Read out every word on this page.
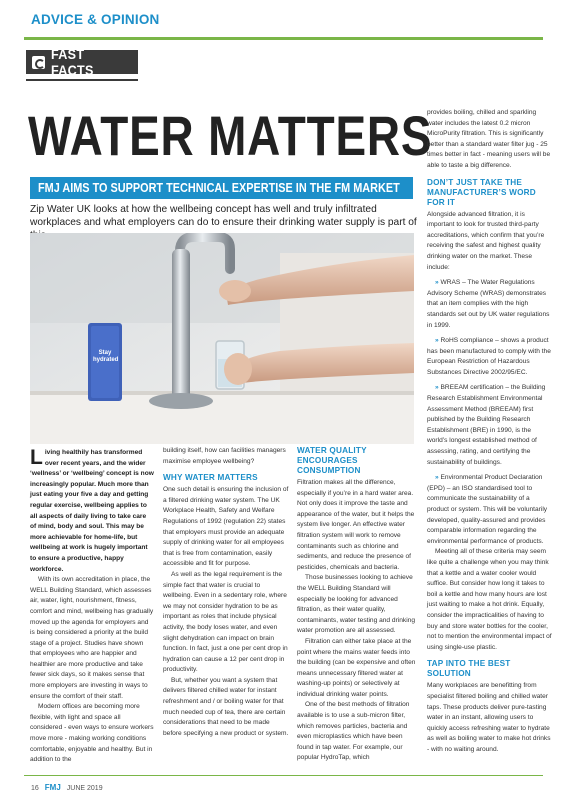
ADVICE & OPINION
FAST FACTS
WATER MATTERS
FMJ AIMS TO SUPPORT TECHNICAL EXPERTISE IN THE FM MARKET
Zip Water UK looks at how the wellbeing concept has well and truly infiltrated workplaces and what employers can do to ensure their drinking water supply is part of
Stay hydrated

Living healthily has transformed over recent years, and the wider ‘wellness’ or ‘wellbeing’ concept is now increasingly popular. Much more than just eating your five a day and getting regular exercise, wellbeing applies to all aspects of daily living to take care of mind, body and soul. This may be more achievable for home-life, but wellbeing at work is hugely important to ensure a productive, happy workforce.

With its own accreditation in place, the WELL Building Standard, which assesses air, water, light, nourishment, fitness, comfort and mind, wellbeing has gradually moved up the agenda for employers and is being considered a priority at the build stage of a project. Studies have shown that employees who are happier and healthier are more productive and take fewer sick days, so it makes sense that more employers are investing in ways to ensure the comfort of their staff.

Modern offices are becoming more flexible, with light and space all considered - even ways to ensure workers move more - making working conditions comfortable, enjoyable and healthy. But in addition to the

building itself, how can facilities managers maximise employee wellbeing?

WHY WATER MATTERS

One such detail is ensuring the inclusion of a filtered drinking water system. The UK Workplace Health, Safety and Welfare Regulations of 1992 (regulation 22) states that employers must provide an adequate supply of drinking water for all employees that is free from contamination, easily accessible and fit for purpose.

As well as the legal requirement is the simple fact that water is crucial to wellbeing. Even in a sedentary role, where we may not consider hydration to be as important as roles that include physical activity, the body loses water, and even slight dehydration can impact on brain function. In fact, just a one per cent drop in hydration can cause a 12 per cent drop in productivity.

But, whether you want a system that delivers filtered chilled water for instant refreshment and / or boiling water for that much needed cup of tea, there are certain considerations that need to be made before specifying a new product or system.

WATER QUALITY ENCOURAGES CONSUMPTION

Filtration makes all the difference, especially if you’re in a hard water area. Not only does it improve the taste and appearance of the water, but it helps the system live longer. An effective water filtration system will work to remove contaminants such as chlorine and sediments, and reduce the presence of pesticides, chemicals and bacteria.

Those businesses looking to achieve the WELL Building Standard will especially be looking for advanced filtration, as their water quality, contaminants, water testing and drinking water promotion are all assessed.

Filtration can either take place at the point where the mains water feeds into the building (can be expensive and often means unnecessary filtered water at washing-up points) or selectively at individual drinking water points.

One of the best methods of filtration available is to use a sub-micron filter, which removes particles, bacteria and even microplastics which have been found in tap water. For example, our popular HydroTap, which

provides boiling, chilled and sparkling water includes the latest 0.2 micron MicroPurity filtration. This is significantly better than a standard water filter jug - 25 times better in fact - meaning users will be able to taste a big difference.

DON’T JUST TAKE THE MANUFACTURER’S WORD FOR IT

Alongside advanced filtration, it is important to look for trusted third-party accreditations, which confirm that you’re receiving the safest and highest quality drinking water on the market. These include:

» WRAS – The Water Regulations Advisory Scheme (WRAS) demonstrates that an item complies with the high standards set out by UK water regulations in 1999.

» RoHS compliance – shows a product has been manufactured to comply with the European Restriction of Hazardous Substances Directive 2002/95/EC.

» BREEAM certification – the Building Research Establishment Environmental Assessment Method (BREEAM) first published by the Building Research Establishment (BRE) in 1990, is the world’s longest established method of assessing, rating, and certifying the sustainability of buildings.

» Environmental Product Declaration (EPD) – an ISO standardised tool to communicate the sustainability of a product or system. This will be voluntarily developed, quality-assured and provides comparable information regarding the environmental performance of products.

Meeting all of these criteria may seem like quite a challenge when you may think that a kettle and a water cooler would suffice. But consider how long it takes to boil a kettle and how many hours are lost just waiting to make a hot drink. Equally, consider the impracticalities of having to buy and store water bottles for the cooler, not to mention the environmental impact of using single-use plastic.

TAP INTO THE BEST SOLUTION

Many workplaces are benefitting from specialist filtered boiling and chilled water taps. These products deliver pure-tasting water in an instant, allowing users to quickly access refreshing water to hydrate as well as boiling water to make hot drinks - with no waiting around.

16 FMJ JUNE 2019
